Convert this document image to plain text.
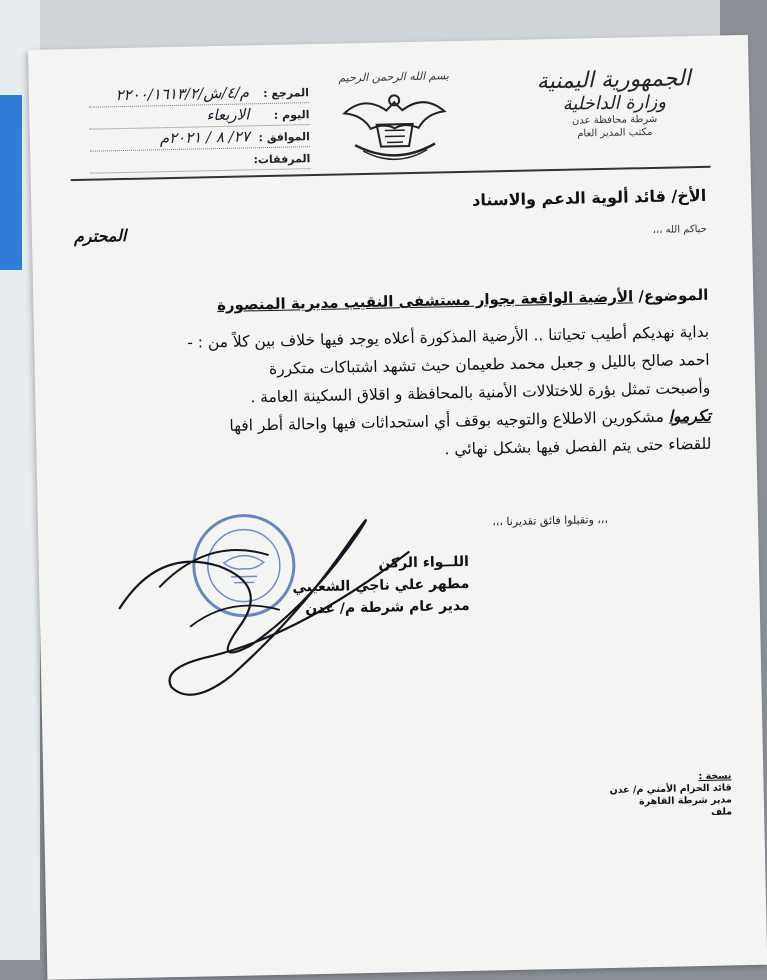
الجمهورية اليمنية
وزارة الداخلية
شرطة محافظة عدن
مكتب المدير العام
بسم الله الرحمن الرحيم
المرجع :
م/٤/ش/٢٢٠٠/١٦١٣/٢
اليوم :
الاربعاء
الموافق :
٢٧/ ٨ / ٢٠٢١م
المرفقات:
الأخ/ قائد ألوية الدعم والاسناد
المحترم	حياكم الله ،،،
الموضوع/ الأرضية الواقعة بجوار مستشفى النقيب مديرية المنصورة

بداية نهديكم أطيب تحياتنا .. الأرضية المذكورة أعلاه يوجد فيها خلاف بين كلاً من : -

احمد صالح بالليل و جعبل محمد طعيمان حيث تشهد اشتباكات متكررة

وأصبحت تمثل بؤرة للاختلالات الأمنية بالمحافظة و اقلاق السكينة العامة .

تكرموا مشكورين الاطلاع والتوجيه بوقف أي استحداثات فيها واحالة أطر افها

للقضاء حتى يتم الفصل فيها بشكل نهائي .

،،، وتقبلوا فائق تقديرنا ،،،
اللــواء الركن
مطهر علي ناجي الشعيبي
مدير عام شرطة م/ عدن
نسخة :
قائد الحزام الأمني م/ عدن
مدير شرطة القاهرة
ملف
